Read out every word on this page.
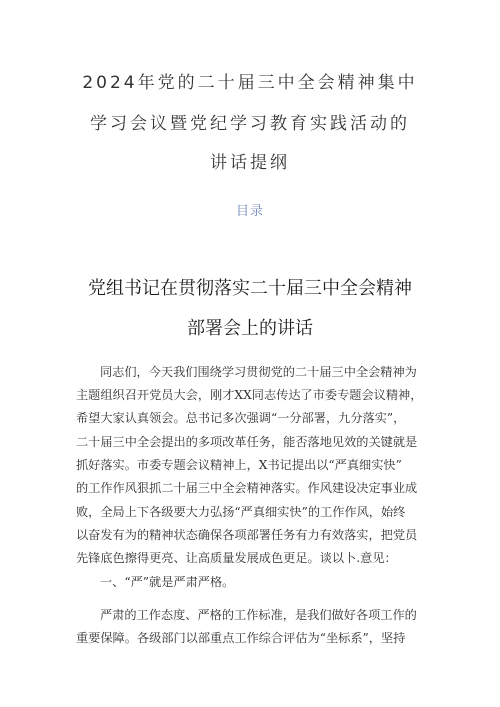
2024年党的二十届三中全会精神集中
学习会议暨党纪学习教育实践活动的
讲话提纲
目录
党组书记在贯彻落实二十届三中全会精神
部署会上的讲话
同志们，今天我们围绕学习贯彻党的二十届三中全会精神为
主题组织召开党员大会，刚才XX同志传达了市委专题会议精神，
希望大家认真领会。总书记多次强调“一分部署，九分落实”，
二十届三中全会提出的多项改革任务，能否落地见效的关键就是
抓好落实。市委专题会议精神上，X书记提出以“严真细实快”
的工作作风狠抓二十届三中全会精神落实。作风建设决定事业成
败，全局上下各级要大力弘扬“严真细实快”的工作作风，始终
以奋发有为的精神状态确保各项部署任务有力有效落实，把党员
先锋底色擦得更亮、让高质量发展成色更足。谈以卜.意见：
一、“严”就是严肃严格。
严肃的工作态度、严格的工作标准，是我们做好各项工作的
重要保障。各级部门以部重点工作综合评估为“坐标系”，坚持
